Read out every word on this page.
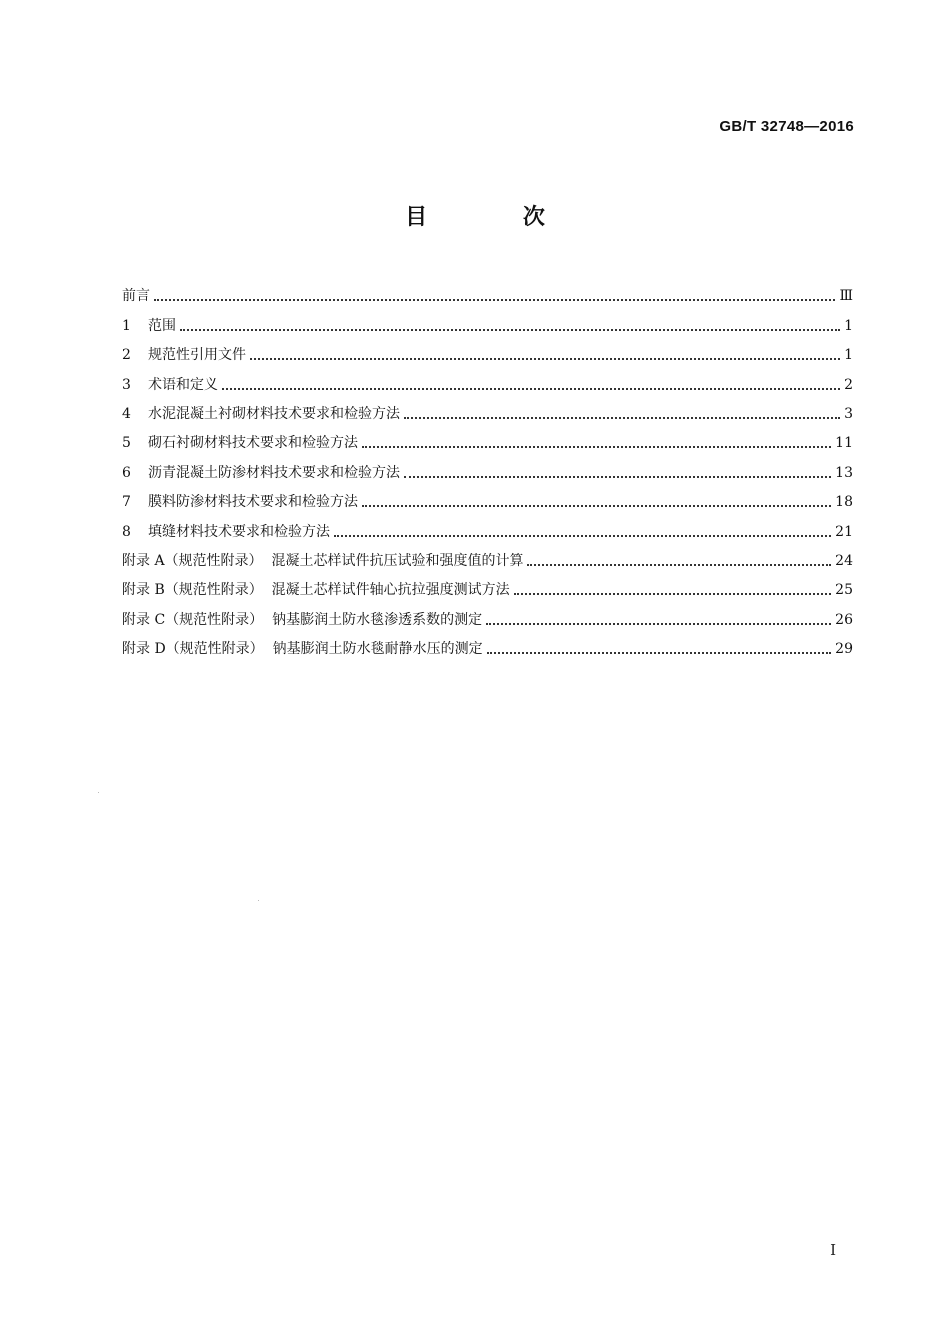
GB/T 32748—2016
目 次
前言	Ⅲ
1 范围	1
2 规范性引用文件	1
3 术语和定义	2
4 水泥混凝土衬砌材料技术要求和检验方法	3
5 砌石衬砌材料技术要求和检验方法	11
6 沥青混凝土防渗材料技术要求和检验方法	13
7 膜料防渗材料技术要求和检验方法	18
8 填缝材料技术要求和检验方法	21
附录 A（规范性附录） 混凝土芯样试件抗压试验和强度值的计算	24
附录 B（规范性附录） 混凝土芯样试件轴心抗拉强度测试方法	25
附录 C（规范性附录） 钠基膨润土防水毯渗透系数的测定	26
附录 D（规范性附录） 钠基膨润土防水毯耐静水压的测定	29
I
